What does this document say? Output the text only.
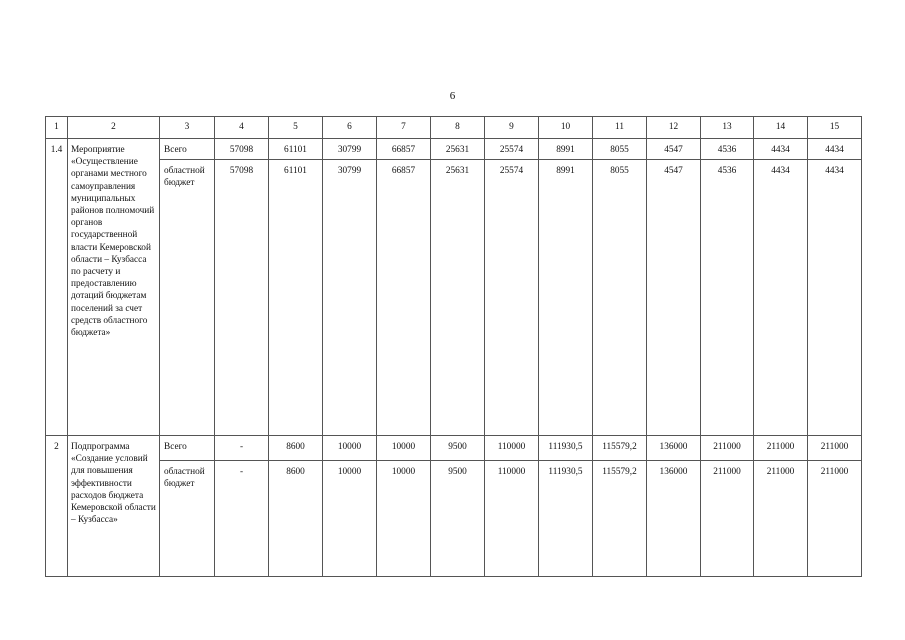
6
1	2	3	4	5	6	7	8	9	10	11	12	13	14	15
1.4	Мероприятие «Осуществление органами местного самоуправления муниципальных районов полномочий органов государственной власти Кемеровской области – Кузбасса по расчету и предоставлению дотаций бюджетам поселений за счет средств областного бюджета»	Всего	57098	61101	30799	66857	25631	25574	8991	8055	4547	4536	4434	4434
		областной бюджет	57098	61101	30799	66857	25631	25574	8991	8055	4547	4536	4434	4434
2	Подпрограмма «Создание условий для повышения эффективности расходов бюджета Кемеровской области – Кузбасса»	Всего	-	8600	10000	10000	9500	110000	111930,5	115579,2	136000	211000	211000	211000
		областной бюджет	-	8600	10000	10000	9500	110000	111930,5	115579,2	136000	211000	211000	211000
